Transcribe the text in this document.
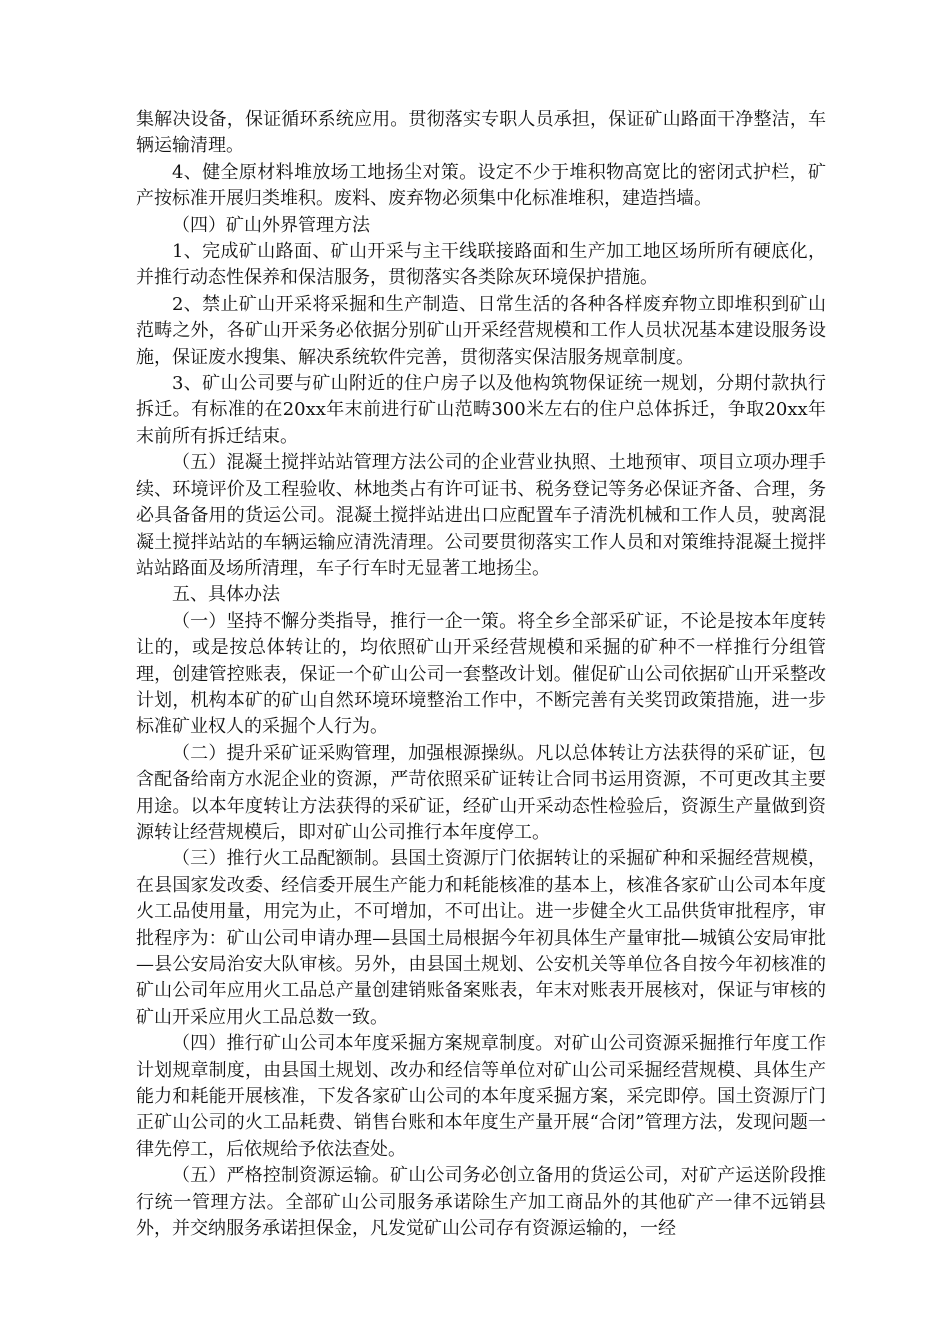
集解决设备，保证循环系统应用。贯彻落实专职人员承担，保证矿山路面干净整洁，车辆运输清理。

4、健全原材料堆放场工地扬尘对策。设定不少于堆积物高宽比的密闭式护栏，矿产按标准开展归类堆积。废料、废弃物必须集中化标准堆积，建造挡墙。

（四）矿山外界管理方法

1、完成矿山路面、矿山开采与主干线联接路面和生产加工地区场所所有硬底化，并推行动态性保养和保洁服务，贯彻落实各类除灰环境保护措施。

2、禁止矿山开采将采掘和生产制造、日常生活的各种各样废弃物立即堆积到矿山范畴之外，各矿山开采务必依据分别矿山开采经营规模和工作人员状况基本建设服务设施，保证废水搜集、解决系统软件完善，贯彻落实保洁服务规章制度。

3、矿山公司要与矿山附近的住户房子以及他构筑物保证统一规划，分期付款执行拆迁。有标准的在20xx年末前进行矿山范畴300米左右的住户总体拆迁，争取20xx年末前所有拆迁结束。

（五）混凝土搅拌站站管理方法公司的企业营业执照、土地预审、项目立项办理手续、环境评价及工程验收、林地类占有许可证书、税务登记等务必保证齐备、合理，务必具备备用的货运公司。混凝土搅拌站进出口应配置车子清洗机械和工作人员，驶离混凝土搅拌站站的车辆运输应清洗清理。公司要贯彻落实工作人员和对策维持混凝土搅拌站站路面及场所清理，车子行车时无显著工地扬尘。

五、具体办法

（一）坚持不懈分类指导，推行一企一策。将全乡全部采矿证，不论是按本年度转让的，或是按总体转让的，均依照矿山开采经营规模和采掘的矿种不一样推行分组管理，创建管控账表，保证一个矿山公司一套整改计划。催促矿山公司依据矿山开采整改计划，机构本矿的矿山自然环境环境整治工作中，不断完善有关奖罚政策措施，进一步标准矿业权人的采掘个人行为。

（二）提升采矿证采购管理，加强根源操纵。凡以总体转让方法获得的采矿证，包含配备给南方水泥企业的资源，严苛依照采矿证转让合同书运用资源，不可更改其主要用途。以本年度转让方法获得的采矿证，经矿山开采动态性检验后，资源生产量做到资源转让经营规模后，即对矿山公司推行本年度停工。

（三）推行火工品配额制。县国土资源厅门依据转让的采掘矿种和采掘经营规模，在县国家发改委、经信委开展生产能力和耗能核准的基本上，核准各家矿山公司本年度火工品使用量，用完为止，不可增加，不可出让。进一步健全火工品供货审批程序，审批程序为：矿山公司申请办理—县国土局根据今年初具体生产量审批—城镇公安局审批—县公安局治安大队审核。另外，由县国土规划、公安机关等单位各自按今年初核准的矿山公司年应用火工品总产量创建销账备案账表，年末对账表开展核对，保证与审核的矿山开采应用火工品总数一致。

（四）推行矿山公司本年度采掘方案规章制度。对矿山公司资源采掘推行年度工作计划规章制度，由县国土规划、改办和经信等单位对矿山公司采掘经营规模、具体生产能力和耗能开展核准，下发各家矿山公司的本年度采掘方案，采完即停。国土资源厅门正矿山公司的火工品耗费、销售台账和本年度生产量开展“合闭”管理方法，发现问题一律先停工，后依规给予依法查处。

（五）严格控制资源运输。矿山公司务必创立备用的货运公司，对矿产运送阶段推行统一管理方法。全部矿山公司服务承诺除生产加工商品外的其他矿产一律不远销县外，并交纳服务承诺担保金，凡发觉矿山公司存有资源运输的，一经
